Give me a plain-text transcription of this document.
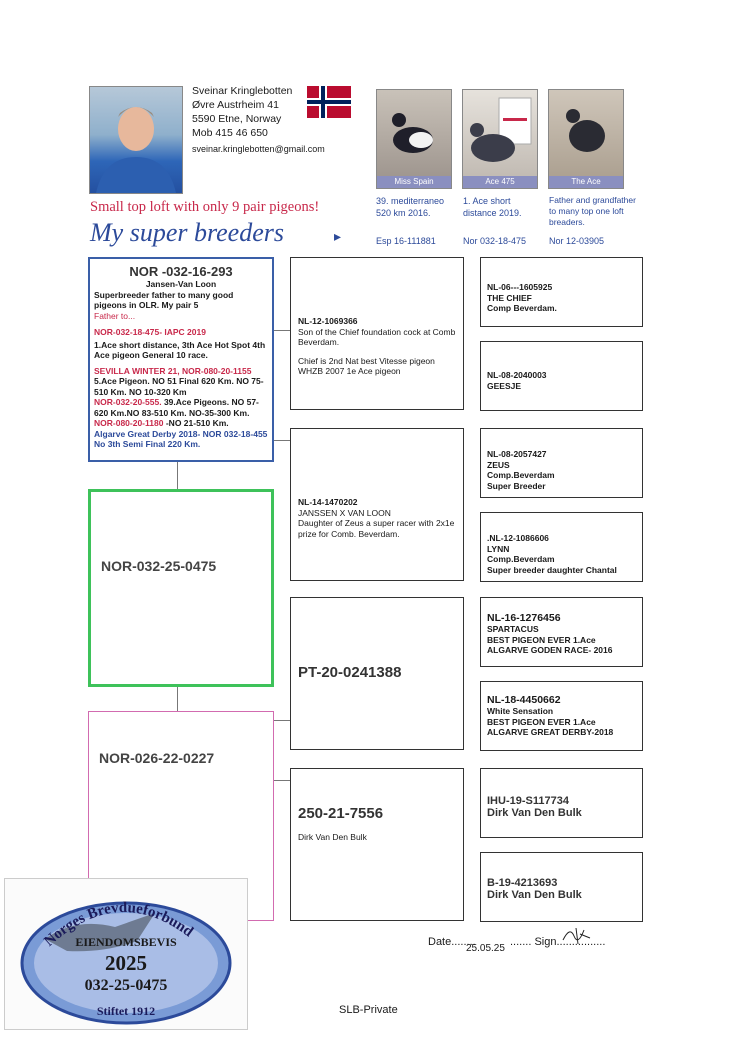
Sveinar Kringlebotten
Øvre Austrheim 41
5590 Etne, Norway
Mob 415 46 650
sveinar.kringlebotten@gmail.com
Small top loft with only 9 pair pigeons!
My super breeders	▸
Miss Spain	Ace 475	The Ace
39. mediterraneo 520 km 2016.
1. Ace short distance 2019.
Father and grandfather to many top one loft breaders.
Esp 16-111881	Nor 032-18-475	Nor 12-03905
NOR -032-16-293
Jansen-Van Loon
Superbreeder father to many good pigeons in OLR. My pair 5
Father to...
NOR-032-18-475- IAPC 2019
1.Ace short distance, 3th Ace Hot Spot 4th Ace pigeon General 10 race.
SEVILLA WINTER 21, NOR-080-20-1155
5.Ace Pigeon. NO 51 Final 620 Km. NO 75-510 Km. NO 10-320 Km
NOR-032-20-555. 39.Ace Pigeons. NO 57-620 Km.NO 83-510 Km. NO-35-300 Km. NOR-080-20-1180 -NO 21-510 Km.
Algarve Great Derby 2018- NOR 032-18-455 No 3th Semi Final 220 Km.
NOR-032-25-0475
NOR-026-22-0227
NL-12-1069366
Son of the Chief foundation cock at Comb Beverdam.
Chief is 2nd Nat best Vitesse pigeon WHZB 2007 1e Ace pigeon
NL-14-1470202
JANSSEN X VAN LOON
Daughter of Zeus a super racer with 2x1e prize for Comb. Beverdam.
PT-20-0241388
250-21-7556
Dirk Van Den Bulk
NL-06---1605925
THE CHIEF
Comp Beverdam.
NL-08-2040003
GEESJE
NL-08-2057427
ZEUS
Comp.Beverdam
Super Breeder
.NL-12-1086606
LYNN
Comp.Beverdam
Super breeder daughter Chantal
NL-16-1276456
SPARTACUS
BEST PIGEON EVER 1.Ace
ALGARVE GODEN RACE- 2016
NL-18-4450662
White Sensation
BEST PIGEON EVER 1.Ace
ALGARVE GREAT DERBY-2018
IHU-19-S117734
Dirk Van Den Bulk
B-19-4213693
Dirk Van Den Bulk
Norges Brevdueforbund
EIENDOMSBEVIS
2025
032-25-0475
Stiftet 1912
Date........
25.05.25
....... Sign................
SLB-Private
